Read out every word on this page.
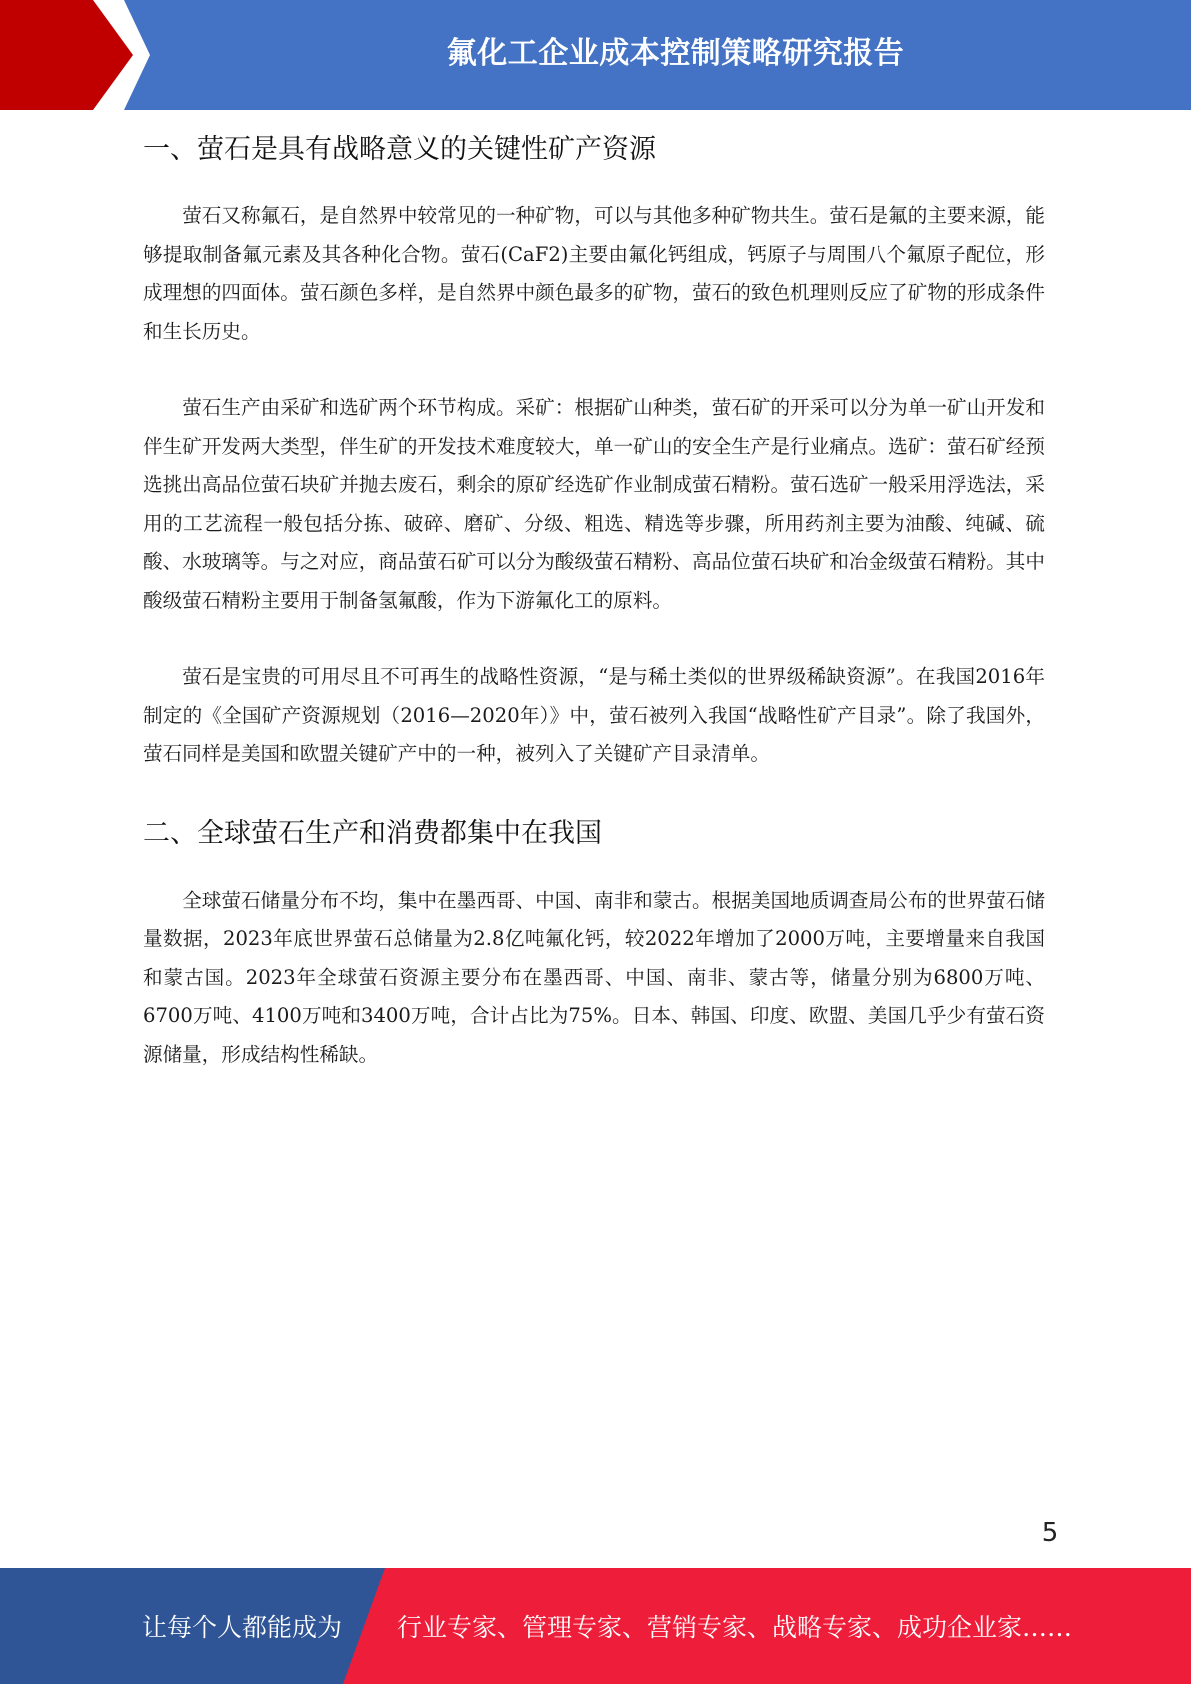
氟化工企业成本控制策略研究报告
一、萤石是具有战略意义的关键性矿产资源

萤石又称氟石，是自然界中较常见的一种矿物，可以与其他多种矿物共生。萤石是氟的主要来源，能够提取制备氟元素及其各种化合物。萤石(CaF2)主要由氟化钙组成，钙原子与周围八个氟原子配位，形成理想的四面体。萤石颜色多样，是自然界中颜色最多的矿物，萤石的致色机理则反应了矿物的形成条件和生长历史。

萤石生产由采矿和选矿两个环节构成。采矿：根据矿山种类，萤石矿的开采可以分为单一矿山开发和伴生矿开发两大类型，伴生矿的开发技术难度较大，单一矿山的安全生产是行业痛点。选矿：萤石矿经预选挑出高品位萤石块矿并抛去废石，剩余的原矿经选矿作业制成萤石精粉。萤石选矿一般采用浮选法，采用的工艺流程一般包括分拣、破碎、磨矿、分级、粗选、精选等步骤，所用药剂主要为油酸、纯碱、硫酸、水玻璃等。与之对应，商品萤石矿可以分为酸级萤石精粉、高品位萤石块矿和冶金级萤石精粉。其中酸级萤石精粉主要用于制备氢氟酸，作为下游氟化工的原料。

萤石是宝贵的可用尽且不可再生的战略性资源，“是与稀土类似的世界级稀缺资源”。在我国2016年制定的《全国矿产资源规划（2016—2020年）》中，萤石被列入我国“战略性矿产目录”。除了我国外，萤石同样是美国和欧盟关键矿产中的一种，被列入了关键矿产目录清单。

二、全球萤石生产和消费都集中在我国

全球萤石储量分布不均，集中在墨西哥、中国、南非和蒙古。根据美国地质调查局公布的世界萤石储量数据，2023年底世界萤石总储量为2.8亿吨氟化钙，较2022年增加了2000万吨，主要增量来自我国和蒙古国。2023年全球萤石资源主要分布在墨西哥、中国、南非、蒙古等，储量分别为6800万吨、6700万吨、4100万吨和3400万吨，合计占比为75%。日本、韩国、印度、欧盟、美国几乎少有萤石资源储量，形成结构性稀缺。

5
让每个人都能成为 行业专家、管理专家、营销专家、战略专家、成功企业家……
